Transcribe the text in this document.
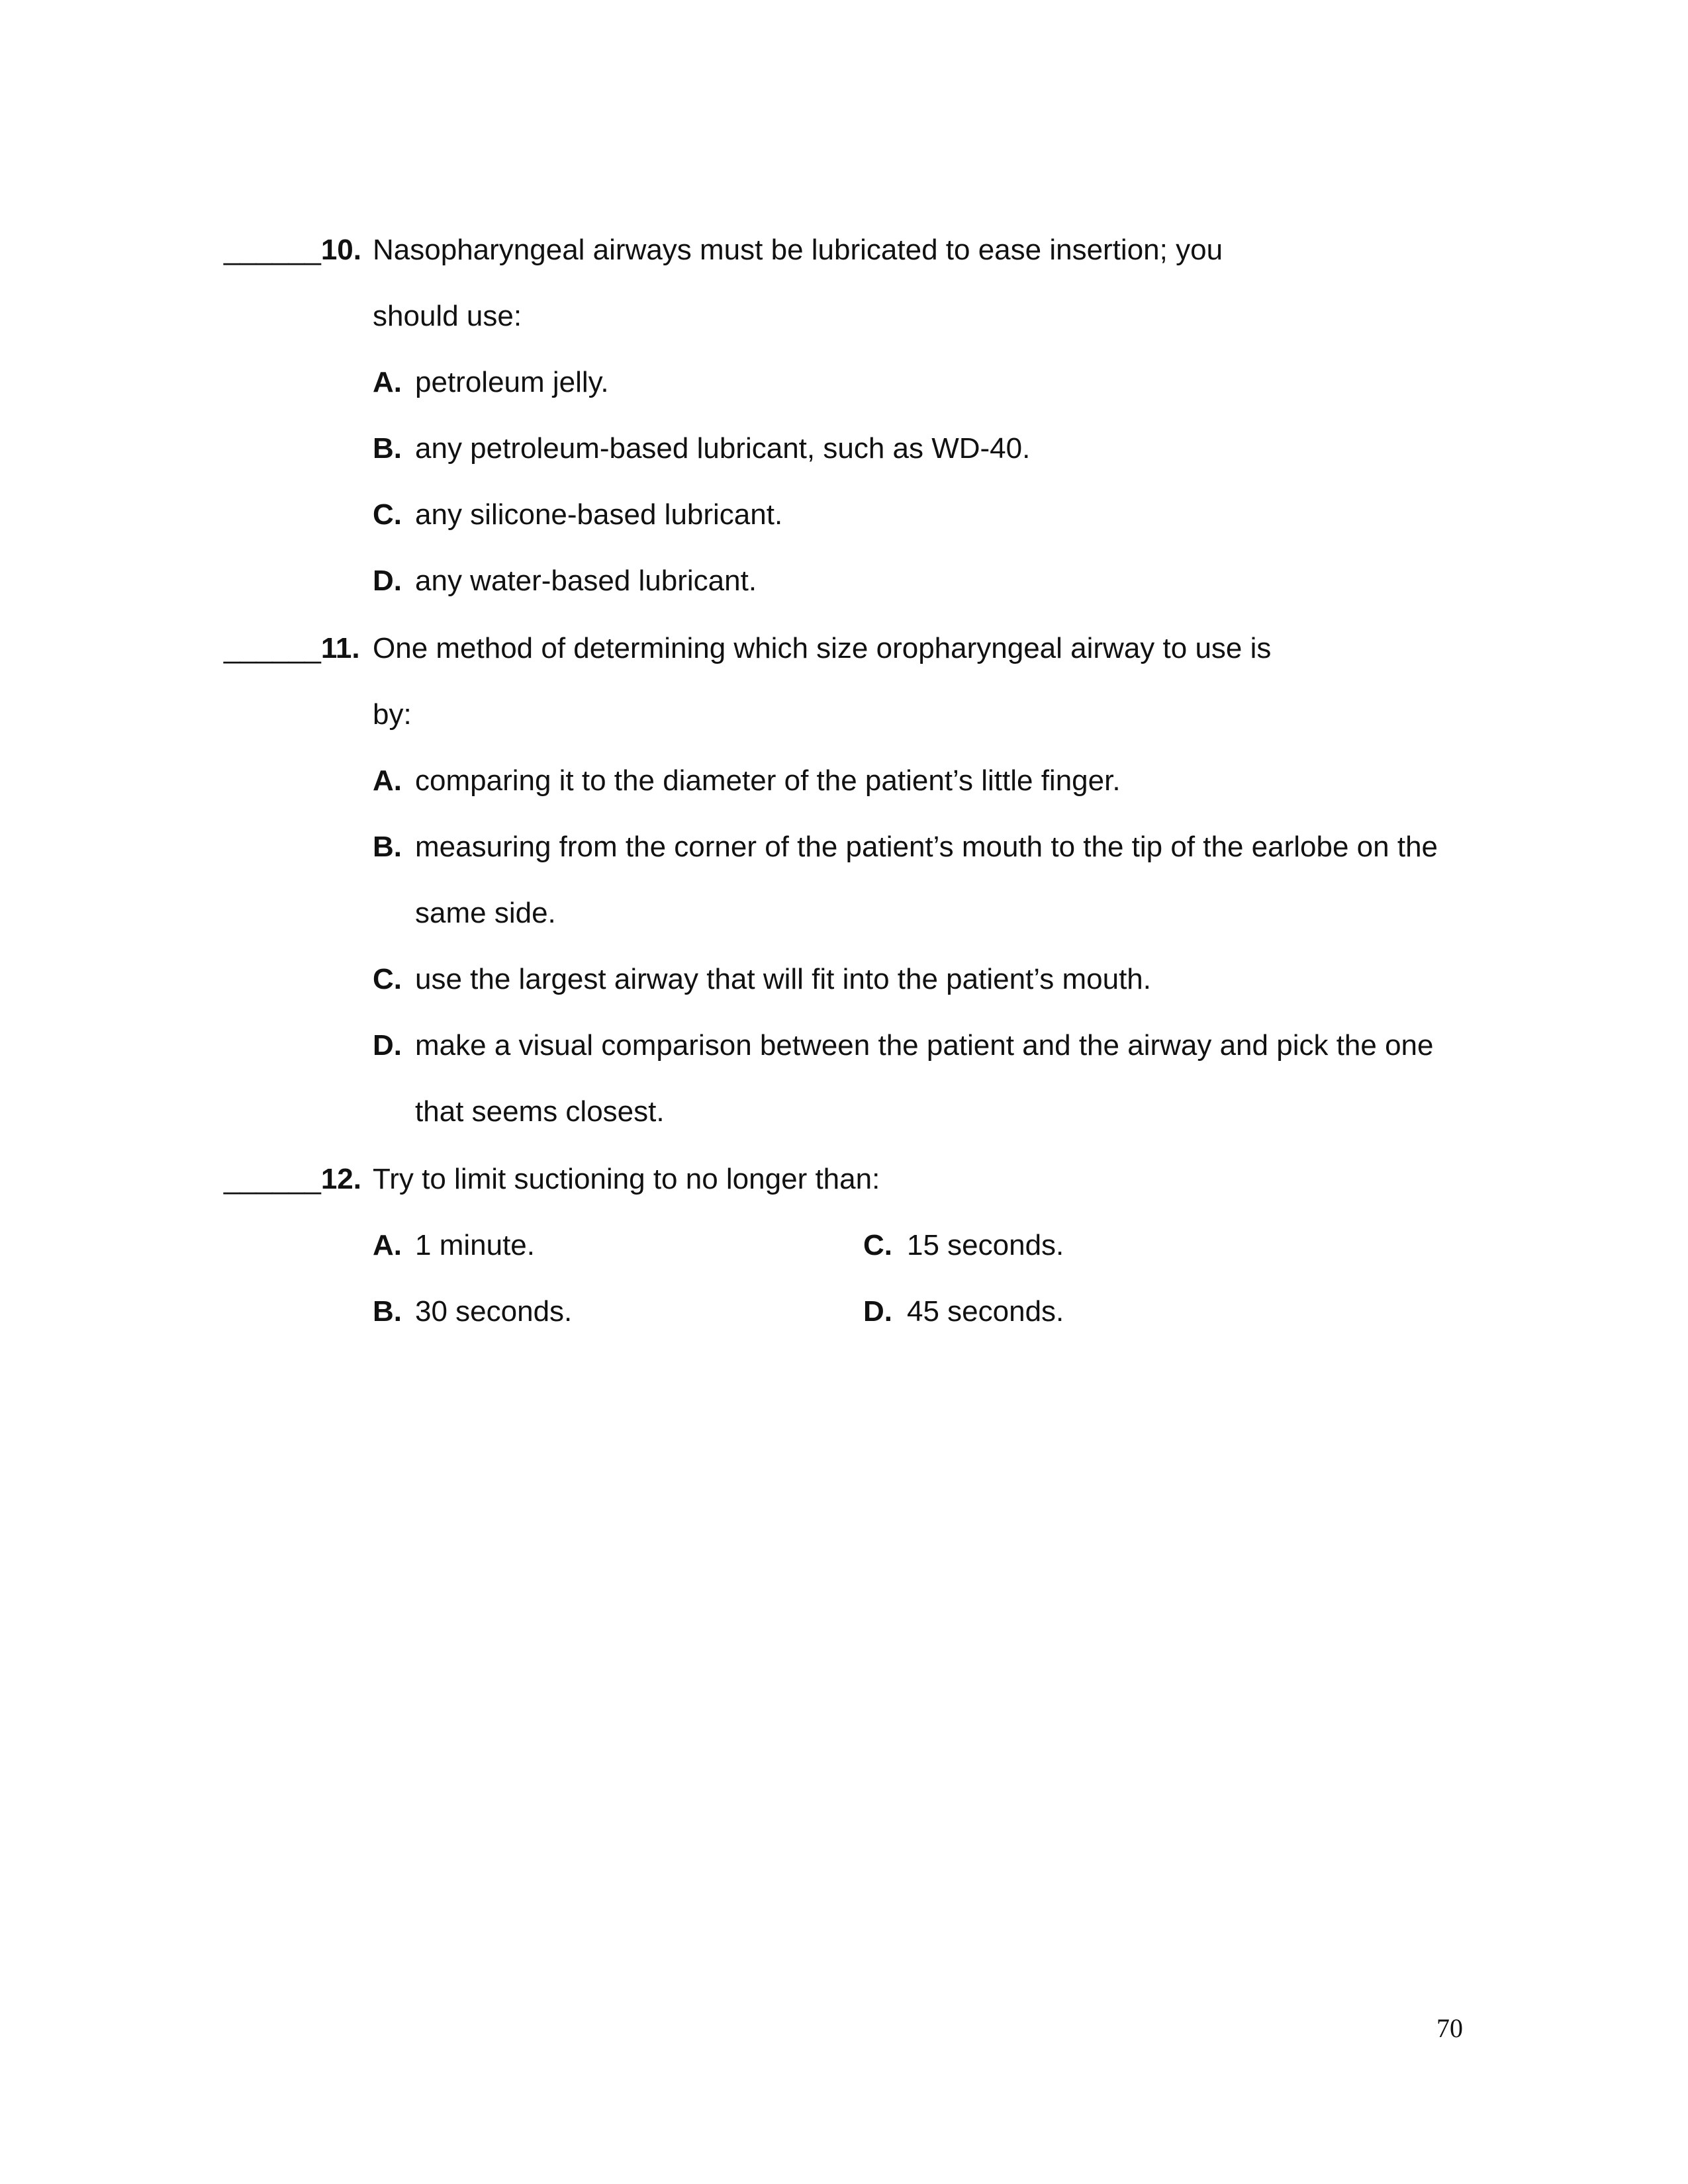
______10. Nasopharyngeal airways must be lubricated to ease insertion; you
should use:
A. petroleum jelly.
B. any petroleum-based lubricant, such as WD-40.
C. any silicone-based lubricant.
D. any water-based lubricant.
______11. One method of determining which size oropharyngeal airway to use is
by:
A. comparing it to the diameter of the patient’s little finger.
B. measuring from the corner of the patient’s mouth to the tip of the earlobe on the
same side.
C. use the largest airway that will fit into the patient’s mouth.
D. make a visual comparison between the patient and the airway and pick the one
that seems closest.
______12. Try to limit suctioning to no longer than:
A. 1 minute.
B. 30 seconds.
C. 15 seconds.
D. 45 seconds.
70
